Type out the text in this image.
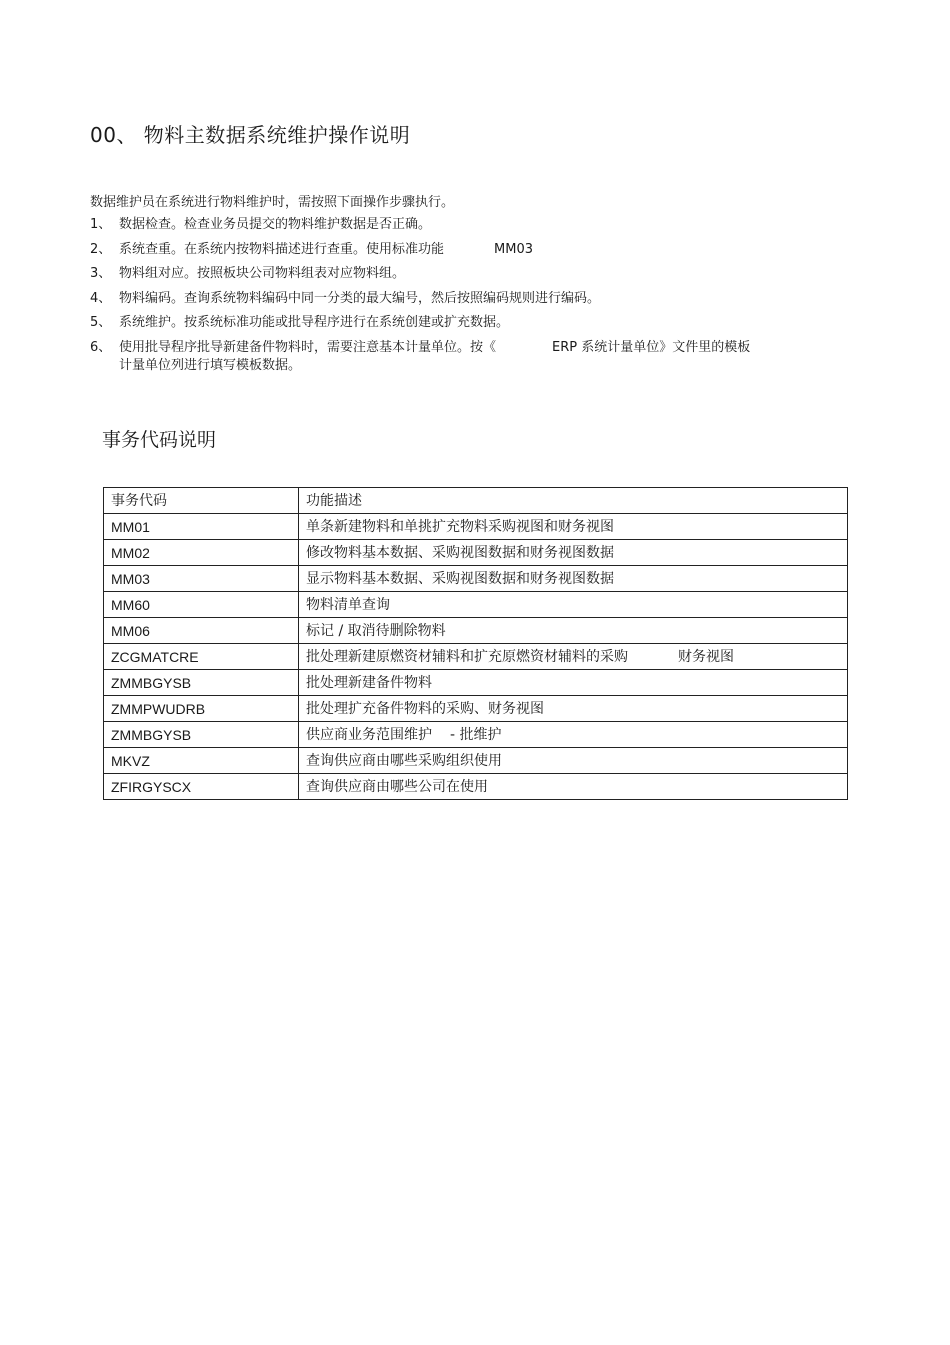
00、 物料主数据系统维护操作说明
数据维护员在系统进行物料维护时，需按照下面操作步骤执行。
1、 数据检查。检查业务员提交的物料维护数据是否正确。
2、 系统查重。在系统内按物料描述进行查重。使用标准功能	MM03
3、 物料组对应。按照板块公司物料组表对应物料组。
4、 物料编码。查询系统物料编码中同一分类的最大编号，然后按照编码规则进行编码。
5、 系统维护。按系统标准功能或批导程序进行在系统创建或扩充数据。
6、 使用批导程序批导新建备件物料时，需要注意基本计量单位。按《	ERP 系统计量单位》文件里的模板
计量单位列进行填写模板数据。
事务代码说明
事务代码	功能描述
MM01	单条新建物料和单挑扩充物料采购视图和财务视图
MM02	修改物料基本数据、采购视图数据和财务视图数据
MM03	显示物料基本数据、采购视图数据和财务视图数据
MM60	物料清单查询
MM06	标记 / 取消待删除物料
ZCGMATCRE	批处理新建原燃资材辅料和扩充原燃资材辅料的采购 财务视图
ZMMBGYSB	批处理新建备件物料
ZMMPWUDRB	批处理扩充备件物料的采购、财务视图
ZMMBGYSB	供应商业务范围维护 - 批维护
MKVZ	查询供应商由哪些采购组织使用
ZFIRGYSCX	查询供应商由哪些公司在使用
